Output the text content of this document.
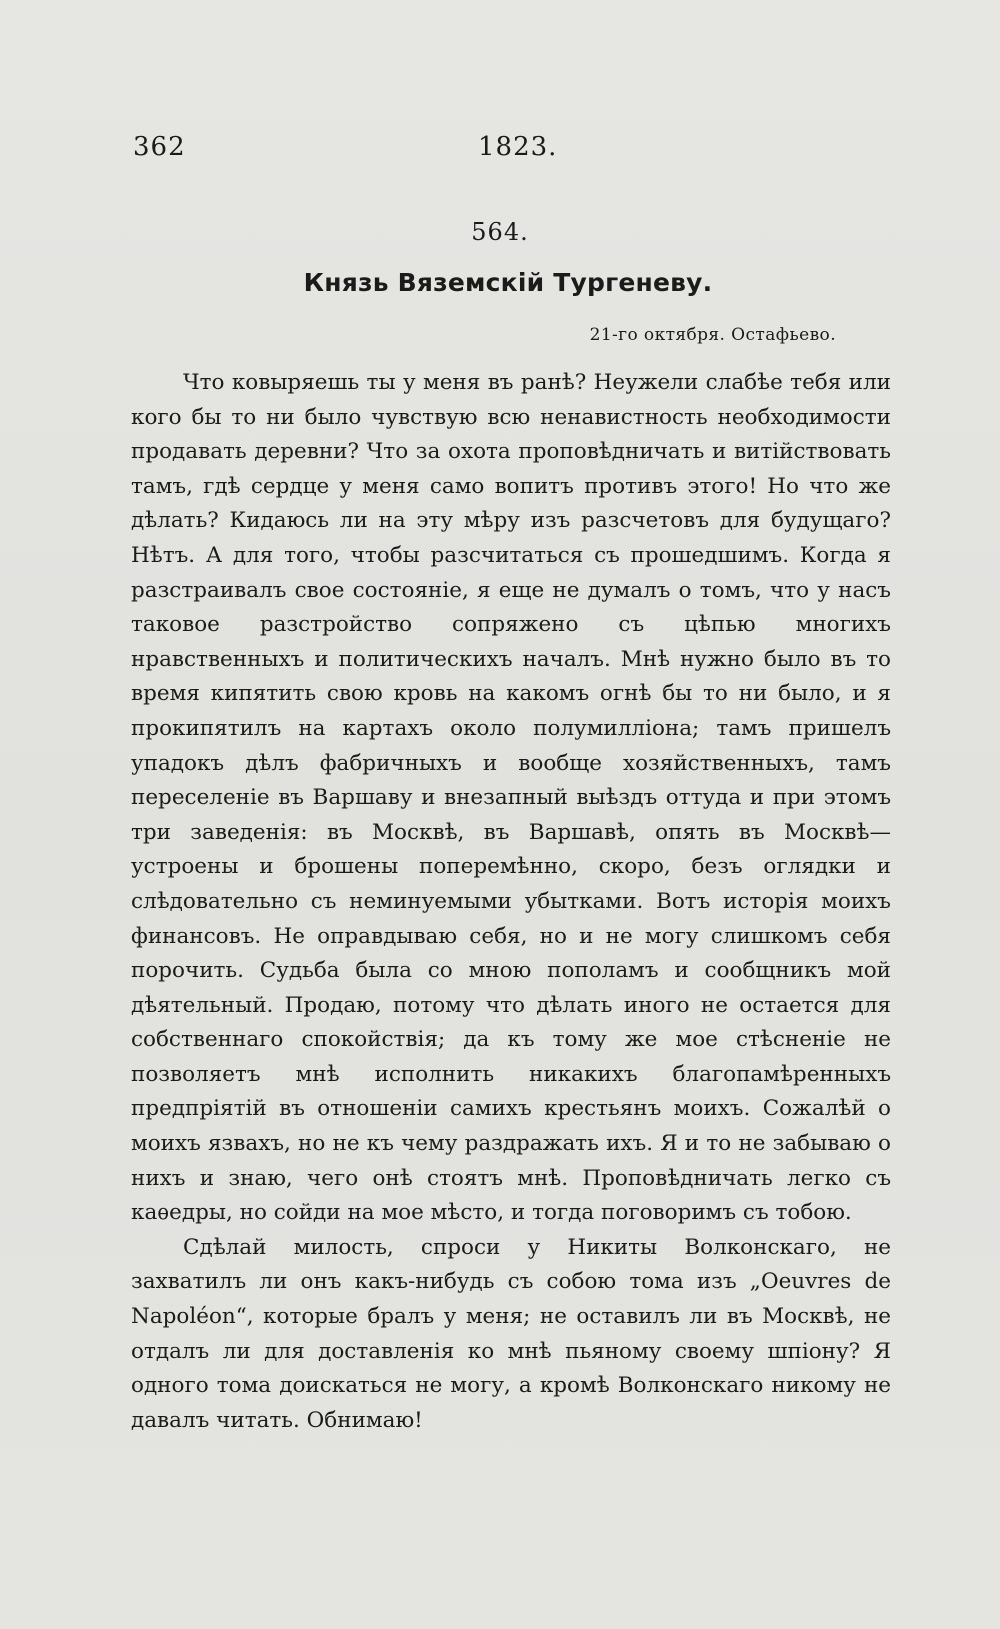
362	1823.
564.
Князь Вяземскій Тургеневу.
21-го октября. Остафьево.

Что ковыряешь ты у меня въ ранѣ? Неужели слабѣе тебя или кого бы то ни было чувствую всю ненавистность необходимости продавать деревни? Что за охота проповѣдничать и витійствовать тамъ, гдѣ сердце у меня само вопитъ противъ этого! Но что же дѣлать? Кидаюсь ли на эту мѣру изъ разсчетовъ для будущаго? Нѣтъ. А для того, чтобы разсчитаться съ прошедшимъ. Когда я разстраивалъ свое состояніе, я еще не думалъ о томъ, что у насъ таковое разстройство сопряжено съ цѣпью многихъ нравственныхъ и политическихъ началъ. Мнѣ нужно было въ то время кипятить свою кровь на какомъ огнѣ бы то ни было, и я прокипятилъ на картахъ около полумилліона; тамъ пришелъ упадокъ дѣлъ фабричныхъ и вообще хозяйственныхъ, тамъ переселеніе въ Варшаву и внезапный выѣздъ оттуда и при этомъ три заведенія: въ Москвѣ, въ Варшавѣ, опять въ Москвѣ—устроены и брошены поперемѣнно, скоро, безъ оглядки и слѣдовательно съ неминуемыми убытками. Вотъ исторія моихъ финансовъ. Не оправдываю себя, но и не могу слишкомъ себя порочить. Судьба была со мною пополамъ и сообщникъ мой дѣятельный. Продаю, потому что дѣлать иного не остается для собственнаго спокойствія; да къ тому же мое стѣсненіе не позволяетъ мнѣ исполнить никакихъ благопамѣренныхъ предпріятій въ отношеніи самихъ крестьянъ моихъ. Сожалѣй о моихъ язвахъ, но не къ чему раздражать ихъ. Я и то не забываю о нихъ и знаю, чего онѣ стоятъ мнѣ. Проповѣдничать легко съ каѳедры, но сойди на мое мѣсто, и тогда поговоримъ съ тобою.

Сдѣлай милость, спроси у Никиты Волконскаго, не захватилъ ли онъ какъ-нибудь съ собою тома изъ „Oeuvres de Napoléon“, которые бралъ у меня; не оставилъ ли въ Москвѣ, не отдалъ ли для доставленія ко мнѣ пьяному своему шпіону? Я одного тома доискаться не могу, а кромѣ Волконскаго никому не давалъ читать. Обнимаю!
